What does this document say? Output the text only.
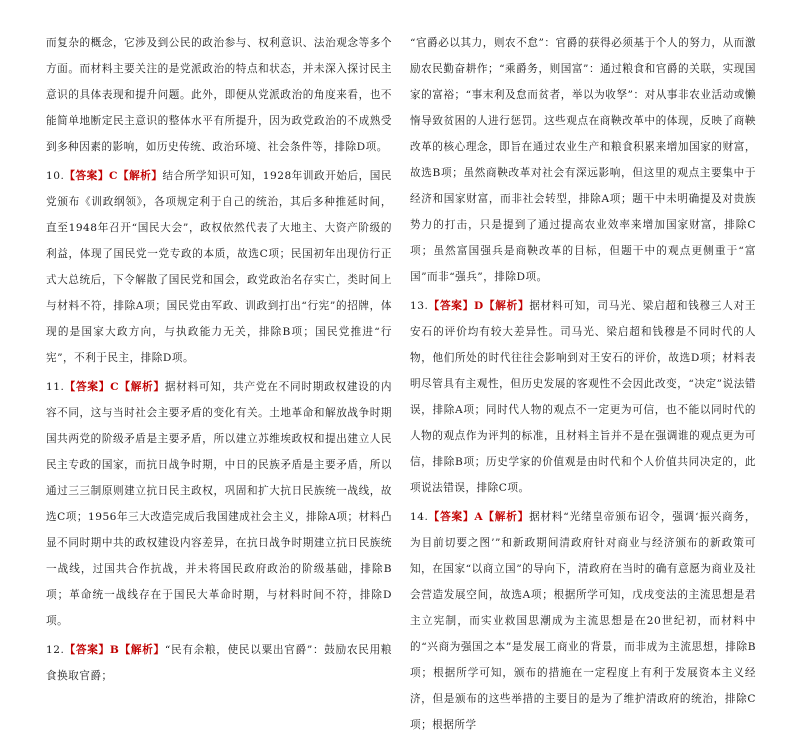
而复杂的概念，它涉及到公民的政治参与、权利意识、法治观念等多个方面。而材料主要关注的是党派政治的特点和状态，并未深入探讨民主意识的具体表现和提升问题。此外，即便从党派政治的角度来看，也不能简单地断定民主意识的整体水平有所提升，因为政党政治的不成熟受到多种因素的影响，如历史传统、政治环境、社会条件等，排除D项。

10.【答案】C【解析】结合所学知识可知，1928年训政开始后，国民党颁布《训政纲领》，各项规定利于自己的统治，其后多种推延时间，直至1948年召开“国民大会”，政权依然代表了大地主、大资产阶级的利益，体现了国民党一党专政的本质，故选C项；民国初年出现仿行正式大总统后，下令解散了国民党和国会，政党政治名存实亡，类时间上与材料不符，排除A项；国民党由军政、训政到打出“行宪”的招牌，体现的是国家大政方向，与执政能力无关，排除B项；国民党推进“行宪”，不利于民主，排除D项。

11.【答案】C【解析】据材料可知，共产党在不同时期政权建设的内容不同，这与当时社会主要矛盾的变化有关。土地革命和解放战争时期国共两党的阶级矛盾是主要矛盾，所以建立苏维埃政权和提出建立人民民主专政的国家，而抗日战争时期，中日的民族矛盾是主要矛盾，所以通过三三制原则建立抗日民主政权，巩固和扩大抗日民族统一战线，故选C项；1956年三大改造完成后我国建成社会主义，排除A项；材料凸显不同时期中共的政权建设内容差异，在抗日战争时期建立抗日民族统一战线，过国共合作抗战，并未将国民政府政治的阶级基础，排除B项；革命统一战线存在于国民大革命时期，与材料时间不符，排除D项。

12.【答案】B【解析】“民有余粮，使民以粟出官爵”：鼓励农民用粮食换取官爵；

“官爵必以其力，则农不怠”：官爵的获得必须基于个人的努力，从而激励农民勤奋耕作；“乘爵务，则国富”：通过粮食和官爵的关联，实现国家的富裕；“事末利及怠而贫者，举以为收孥”：对从事非农业活动或懒惰导致贫困的人进行惩罚。这些观点在商鞅改革中的体现，反映了商鞅改革的核心理念，即旨在通过农业生产和粮食积累来增加国家的财富，故选B项；虽然商鞅改革对社会有深远影响，但这里的观点主要集中于经济和国家财富，而非社会转型，排除A项；题干中未明确提及对贵族势力的打击，只是提到了通过提高农业效率来增加国家财富，排除C项；虽然富国强兵是商鞅改革的目标，但题干中的观点更侧重于“富国”而非“强兵”，排除D项。

13.【答案】D【解析】据材料可知，司马光、梁启超和钱穆三人对王安石的评价均有较大差异性。司马光、梁启超和钱穆是不同时代的人物，他们所处的时代往往会影响到对王安石的评价，故选D项；材料表明尽管具有主观性，但历史发展的客观性不会因此改变，“决定”说法错误，排除A项；同时代人物的观点不一定更为可信，也不能以同时代的人物的观点作为评判的标准，且材料主旨并不是在强调谁的观点更为可信，排除B项；历史学家的价值观是由时代和个人价值共同决定的，此项说法错误，排除C项。

14.【答案】A【解析】据材料“光绪皇帝颁布诏令，强调‘振兴商务，为目前切要之图’”和新政期间清政府针对商业与经济颁布的新政策可知，在国家“以商立国”的导向下，清政府在当时的确有意愿为商业及社会营造发展空间，故选A项；根据所学可知，戊戌变法的主流思想是君主立宪制，而实业救国思潮成为主流思想是在20世纪初，而材料中的“兴商为强国之本”是发展工商业的背景，而非成为主流思想，排除B项；根据所学可知，颁布的措施在一定程度上有利于发展资本主义经济，但是颁布的这些举措的主要目的是为了维护清政府的统治，排除C项；根据所学
